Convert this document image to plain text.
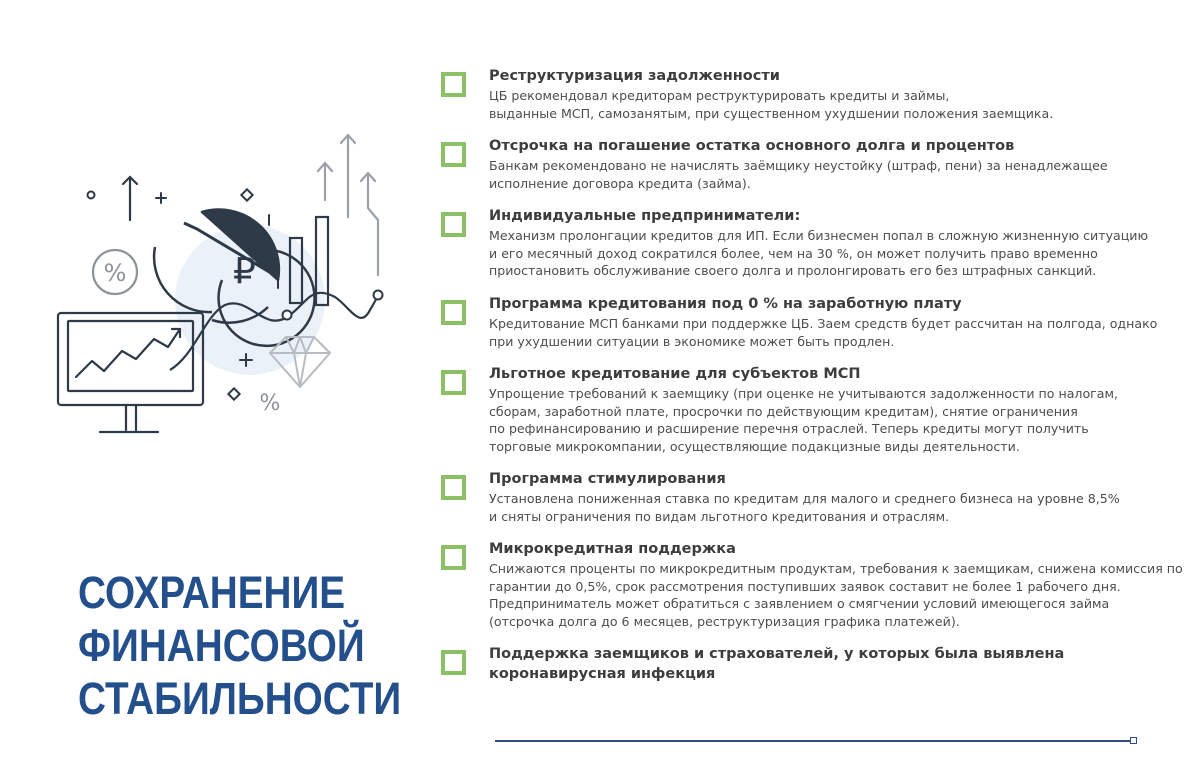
₽
%
%
СОХРАНЕНИЕ
ФИНАНСОВОЙ
СТАБИЛЬНОСТИ
Реструктуризация задолженности
ЦБ рекомендовал кредиторам реструктурировать кредиты и займы,
выданные МСП, самозанятым, при существенном ухудшении положения заемщика.
Отсрочка на погашение остатка основного долга и процентов
Банкам рекомендовано не начислять заёмщику неустойку (штраф, пени) за ненадлежащее
исполнение договора кредита (займа).
Индивидуальные предприниматели:
Механизм пролонгации кредитов для ИП. Если бизнесмен попал в сложную жизненную ситуацию
и его месячный доход сократился более, чем на 30 %, он может получить право временно
приостановить обслуживание своего долга и пролонгировать его без штрафных санкций.
Программа кредитования под 0 % на заработную плату
Кредитование МСП банками при поддержке ЦБ. Заем средств будет рассчитан на полгода, однако
при ухудшении ситуации в экономике может быть продлен.
Льготное кредитование для субъектов МСП
Упрощение требований к заемщику (при оценке не учитываются задолженности по налогам,
сборам, заработной плате, просрочки по действующим кредитам), снятие ограничения
по рефинансированию и расширение перечня отраслей. Теперь кредиты могут получить
торговые микрокомпании, осуществляющие подакцизные виды деятельности.
Программа стимулирования
Установлена пониженная ставка по кредитам для малого и среднего бизнеса на уровне 8,5%
и сняты ограничения по видам льготного кредитования и отраслям.
Микрокредитная поддержка
Снижаются проценты по микрокредитным продуктам, требования к заемщикам, снижена комиссия по
гарантии до 0,5%, срок рассмотрения поступивших заявок составит не более 1 рабочего дня.
Предприниматель может обратиться с заявлением о смягчении условий имеющегося займа
(отсрочка долга до 6 месяцев, реструктуризация графика платежей).
Поддержка заемщиков и страхователей, у которых была выявлена
коронавирусная инфекция
